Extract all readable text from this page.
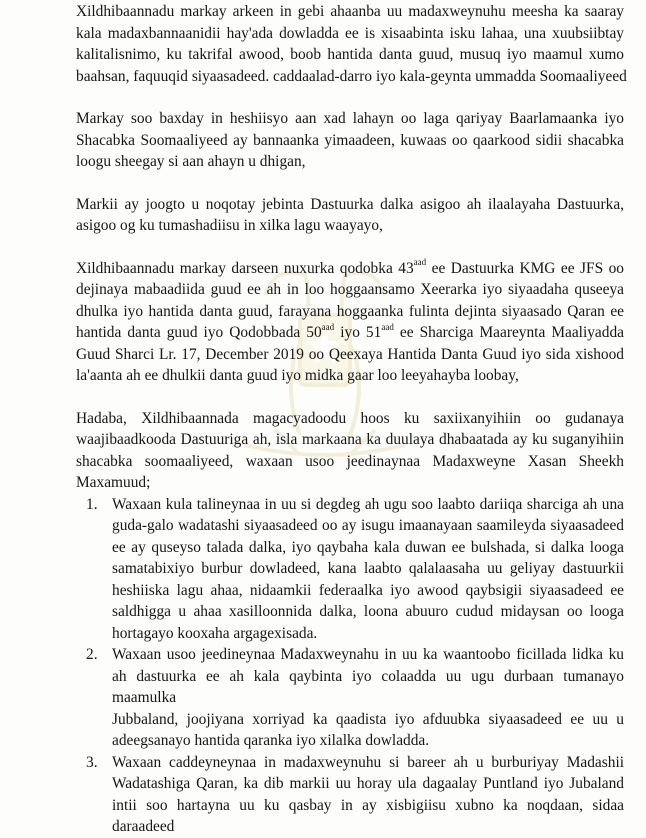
Xildhibaannadu markay arkeen in gebi ahaanba uu madaxweynuhu meesha ka saaray
kala madaxbannaanidii hay'ada dowladda ee is xisaabinta isku lahaa, una xuubsiibtay
kalitalisnimo, ku takrifal awood, boob hantida danta guud, musuq iyo maamul xumo
baahsan, faquuqid siyaasadeed. caddaalad-darro iyo kala-geynta ummadda Soomaaliyeed

Markay soo baxday in heshiisyo aan xad lahayn oo laga qariyay Baarlamaanka iyo
Shacabka Soomaaliyeed ay bannaanka yimaadeen, kuwaas oo qaarkood sidii shacabka
loogu sheegay si aan ahayn u dhigan,

Markii ay joogto u noqotay jebinta Dastuurka dalka asigoo ah ilaalayaha Dastuurka,
asigoo og ku tumashadiisu in xilka lagu waayayo,

Xildhibaannadu markay darseen nuxurka qodobka $43^{aad}$ ee Dastuurka KMG ee JFS oo
dejinaya mabaadiida guud ee ah in loo hoggaansamo Xeerarka iyo siyaadaha quseeya
dhulka iyo hantida danta guud, farayana hoggaanka fulinta dejinta siyaasado Qaran ee
hantida danta guud iyo Qodobbada $50^{aad}$ iyo $51^{aad}$ ee Sharciga Maareynta Maaliyadda
Guud Sharci Lr. 17, December 2019 oo Qeexaya Hantida Danta Guud iyo sida xishood
la'aanta ah ee dhulkii danta guud iyo midka gaar loo leeyahayba loobay,

Hadaba, Xildhibaannada magacyadoodu hoos ku saxiixanyihiin oo gudanaya
waajibaadkooda Dastuuriga ah, isla markaana ka duulaya dhabaatada ay ku suganyihiin
shacabka soomaaliyeed, waxaan usoo jeedinaynaa Madaxweyne Xasan Sheekh
Maxamuud;

1. Waxaan kula talineynaa in uu si degdeg ah ugu soo laabto dariiqa sharciga ah una
guda-galo wadatashi siyaasadeed oo ay isugu imaanayaan saamileyda siyaasadeed
ee ay quseyso talada dalka, iyo qaybaha kala duwan ee bulshada, si dalka looga
samatabixiyo burbur dowladeed, kana laabto qalalaasaha uu geliyay dastuurkii
heshiiska lagu ahaa, nidaamkii federaalka iyo awood qaybsigii siyaasadeed ee
saldhigga u ahaa xasilloonnida dalka, loona abuuro cudud midaysan oo looga
hortagayo kooxaha argagexisada.
2. Waxaan usoo jeedineynaa Madaxweynahu in uu ka waantoobo ficillada lidka ku
ah dastuurka ee ah kala qaybinta iyo colaadda uu ugu durbaan tumanayo maamulka
Jubbaland, joojiyana xorriyad ka qaadista iyo afduubka siyaasadeed ee uu u
adeegsanayo hantida qaranka iyo xilalka dowladda.
3. Waxaan caddeyneynaa in madaxweynuhu si bareer ah u burburiyay Madashii
Wadatashiga Qaran, ka dib markii uu horay ula dagaalay Puntland iyo Jubaland
intii soo hartayna uu ku qasbay in ay xisbigiisu xubno ka noqdaan, sidaa daraadeed
